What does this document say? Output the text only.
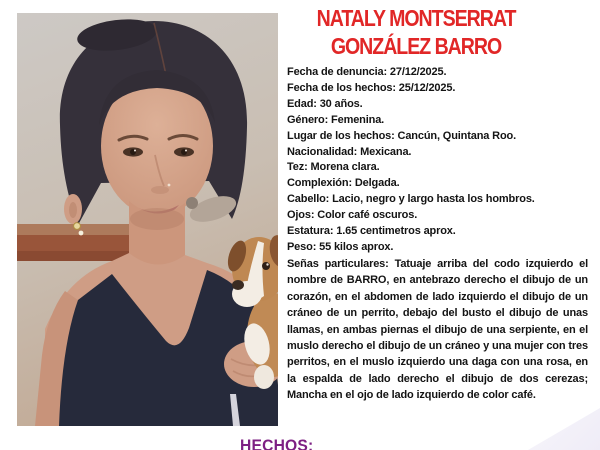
NATALY MONTSERRAT
GONZÁLEZ BARRO
Fecha de denuncia: 27/12/2025.
Fecha de los hechos: 25/12/2025.
Edad: 30 años.
Género: Femenina.
Lugar de los hechos: Cancún, Quintana Roo.
Nacionalidad: Mexicana.
Tez: Morena clara.
Complexión: Delgada.
Cabello: Lacio, negro y largo hasta los hombros.
Ojos: Color café oscuros.
Estatura: 1.65 centimetros aprox.
Peso: 55 kilos aprox.

Señas particulares: Tatuaje arriba del codo izquierdo el nombre de BARRO, en antebrazo derecho el dibujo de un corazón, en el abdomen de lado izquierdo el dibujo de un cráneo de un perrito, debajo del busto el dibujo de unas llamas, en ambas piernas el dibujo de una serpiente, en el muslo derecho el dibujo de un cráneo y una mujer con tres perritos, en el muslo izquierdo una daga con una rosa, en la espalda de lado derecho el dibujo de dos cerezas; Mancha en el ojo de lado izquierdo de color café.

HECHOS:
